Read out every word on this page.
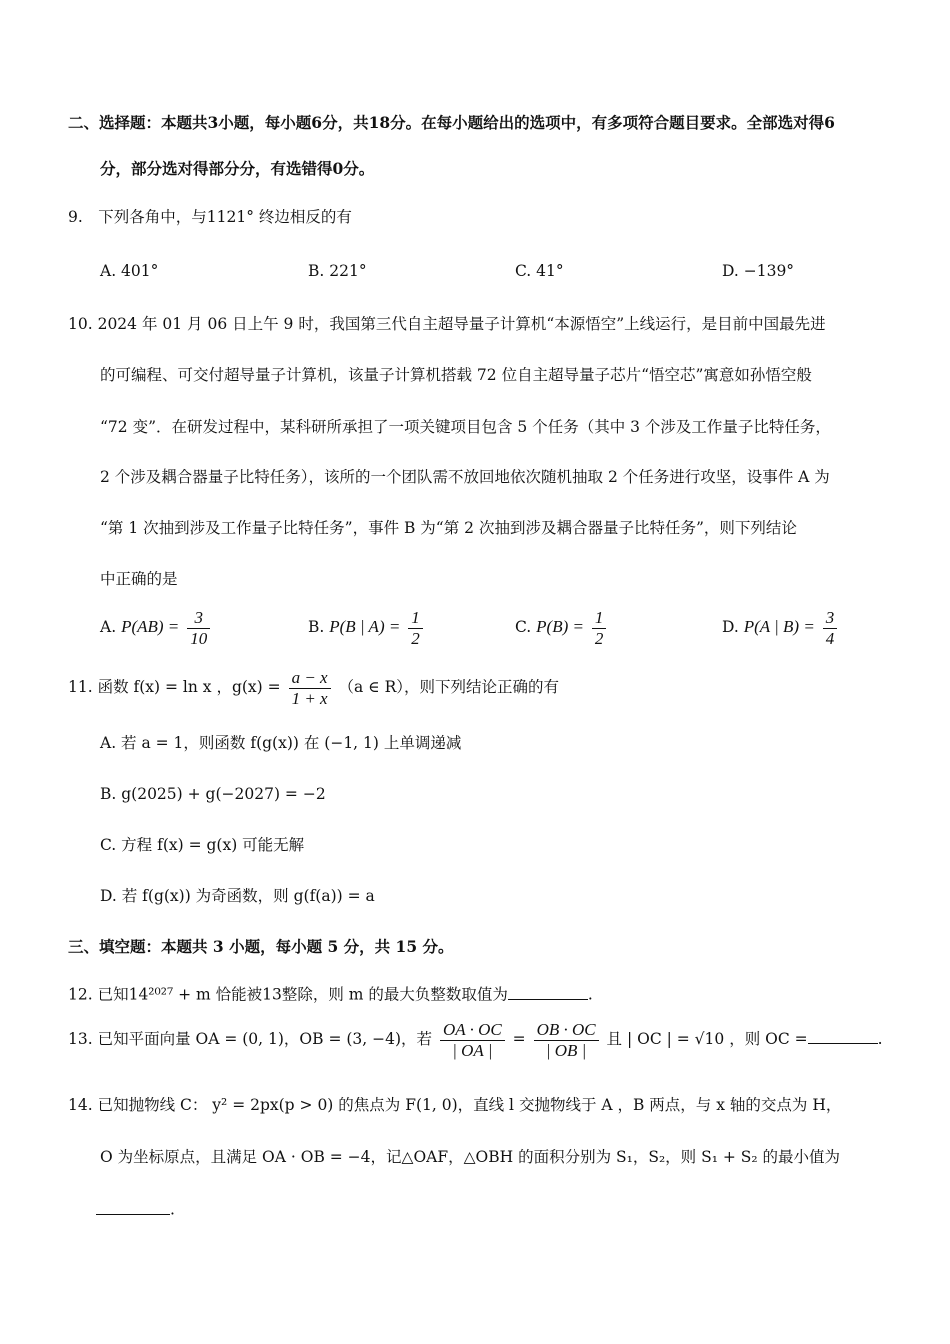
二、选择题：本题共3小题，每小题6分，共18分。在每小题给出的选项中，有多项符合题目要求。全部选对得6
分，部分选对得部分分，有选错得0分。
9.　下列各角中，与1121° 终边相反的有
A. 401°	B. 221°	C. 41°	D. −139°
10. 2024 年 01 月 06 日上午 9 时，我国第三代自主超导量子计算机“本源悟空”上线运行，是目前中国最先进
的可编程、可交付超导量子计算机，该量子计算机搭载 72 位自主超导量子芯片“悟空芯”寓意如孙悟空般
“72 变”．在研发过程中，某科研所承担了一项关键项目包含 5 个任务（其中 3 个涉及工作量子比特任务，
2 个涉及耦合器量子比特任务），该所的一个团队需不放回地依次随机抽取 2 个任务进行攻坚，设事件 A 为
“第 1 次抽到涉及工作量子比特任务”，事件 B 为“第 2 次抽到涉及耦合器量子比特任务”，则下列结论
中正确的是
A. $P(AB) = \frac{3}{10}$	B. P(B | $A) = \frac{1}{2}$	C. $P(B) = \frac{1}{2}$	D. P(A | $B) = \frac{3}{4}$
11. 函数 f(x) = ln x ，$g(x) = \frac{a - x}{1 + x} (a$ ∈ R），则下列结论正确的有
A. 若 a = 1，则函数 f(g(x)) 在 (−1, 1) 上单调递减
B. g(2025) + g(−2027) = −2
C. 方程 f(x) = g(x) 可能无解
D. 若 f(g(x)) 为奇函数，则 g(f(a)) = a
三、填空题：本题共 3 小题，每小题 5 分，共 15 分。
12. 已知14²⁰²⁷ + m 恰能被13整除，则 m 的最大负整数取值为	.
13. 已知平面向量 OA = (0, 1)，OB = (3, −4)，若 $\frac{OA \cdot OC}{| OA |} = \frac{OB \cdot OC}{| OB |}$ 且 | OC | = √10 ，则 OC =	.
14. 已知抛物线 C： y² = 2px(p > 0) 的焦点为 F(1, 0)，直线 l 交抛物线于 A ，B 两点，与 x 轴的交点为 H，
O 为坐标原点，且满足 OA · OB = −4，记△OAF，△OBH 的面积分别为 S₁，S₂，则 S₁ + S₂ 的最小值为
.
